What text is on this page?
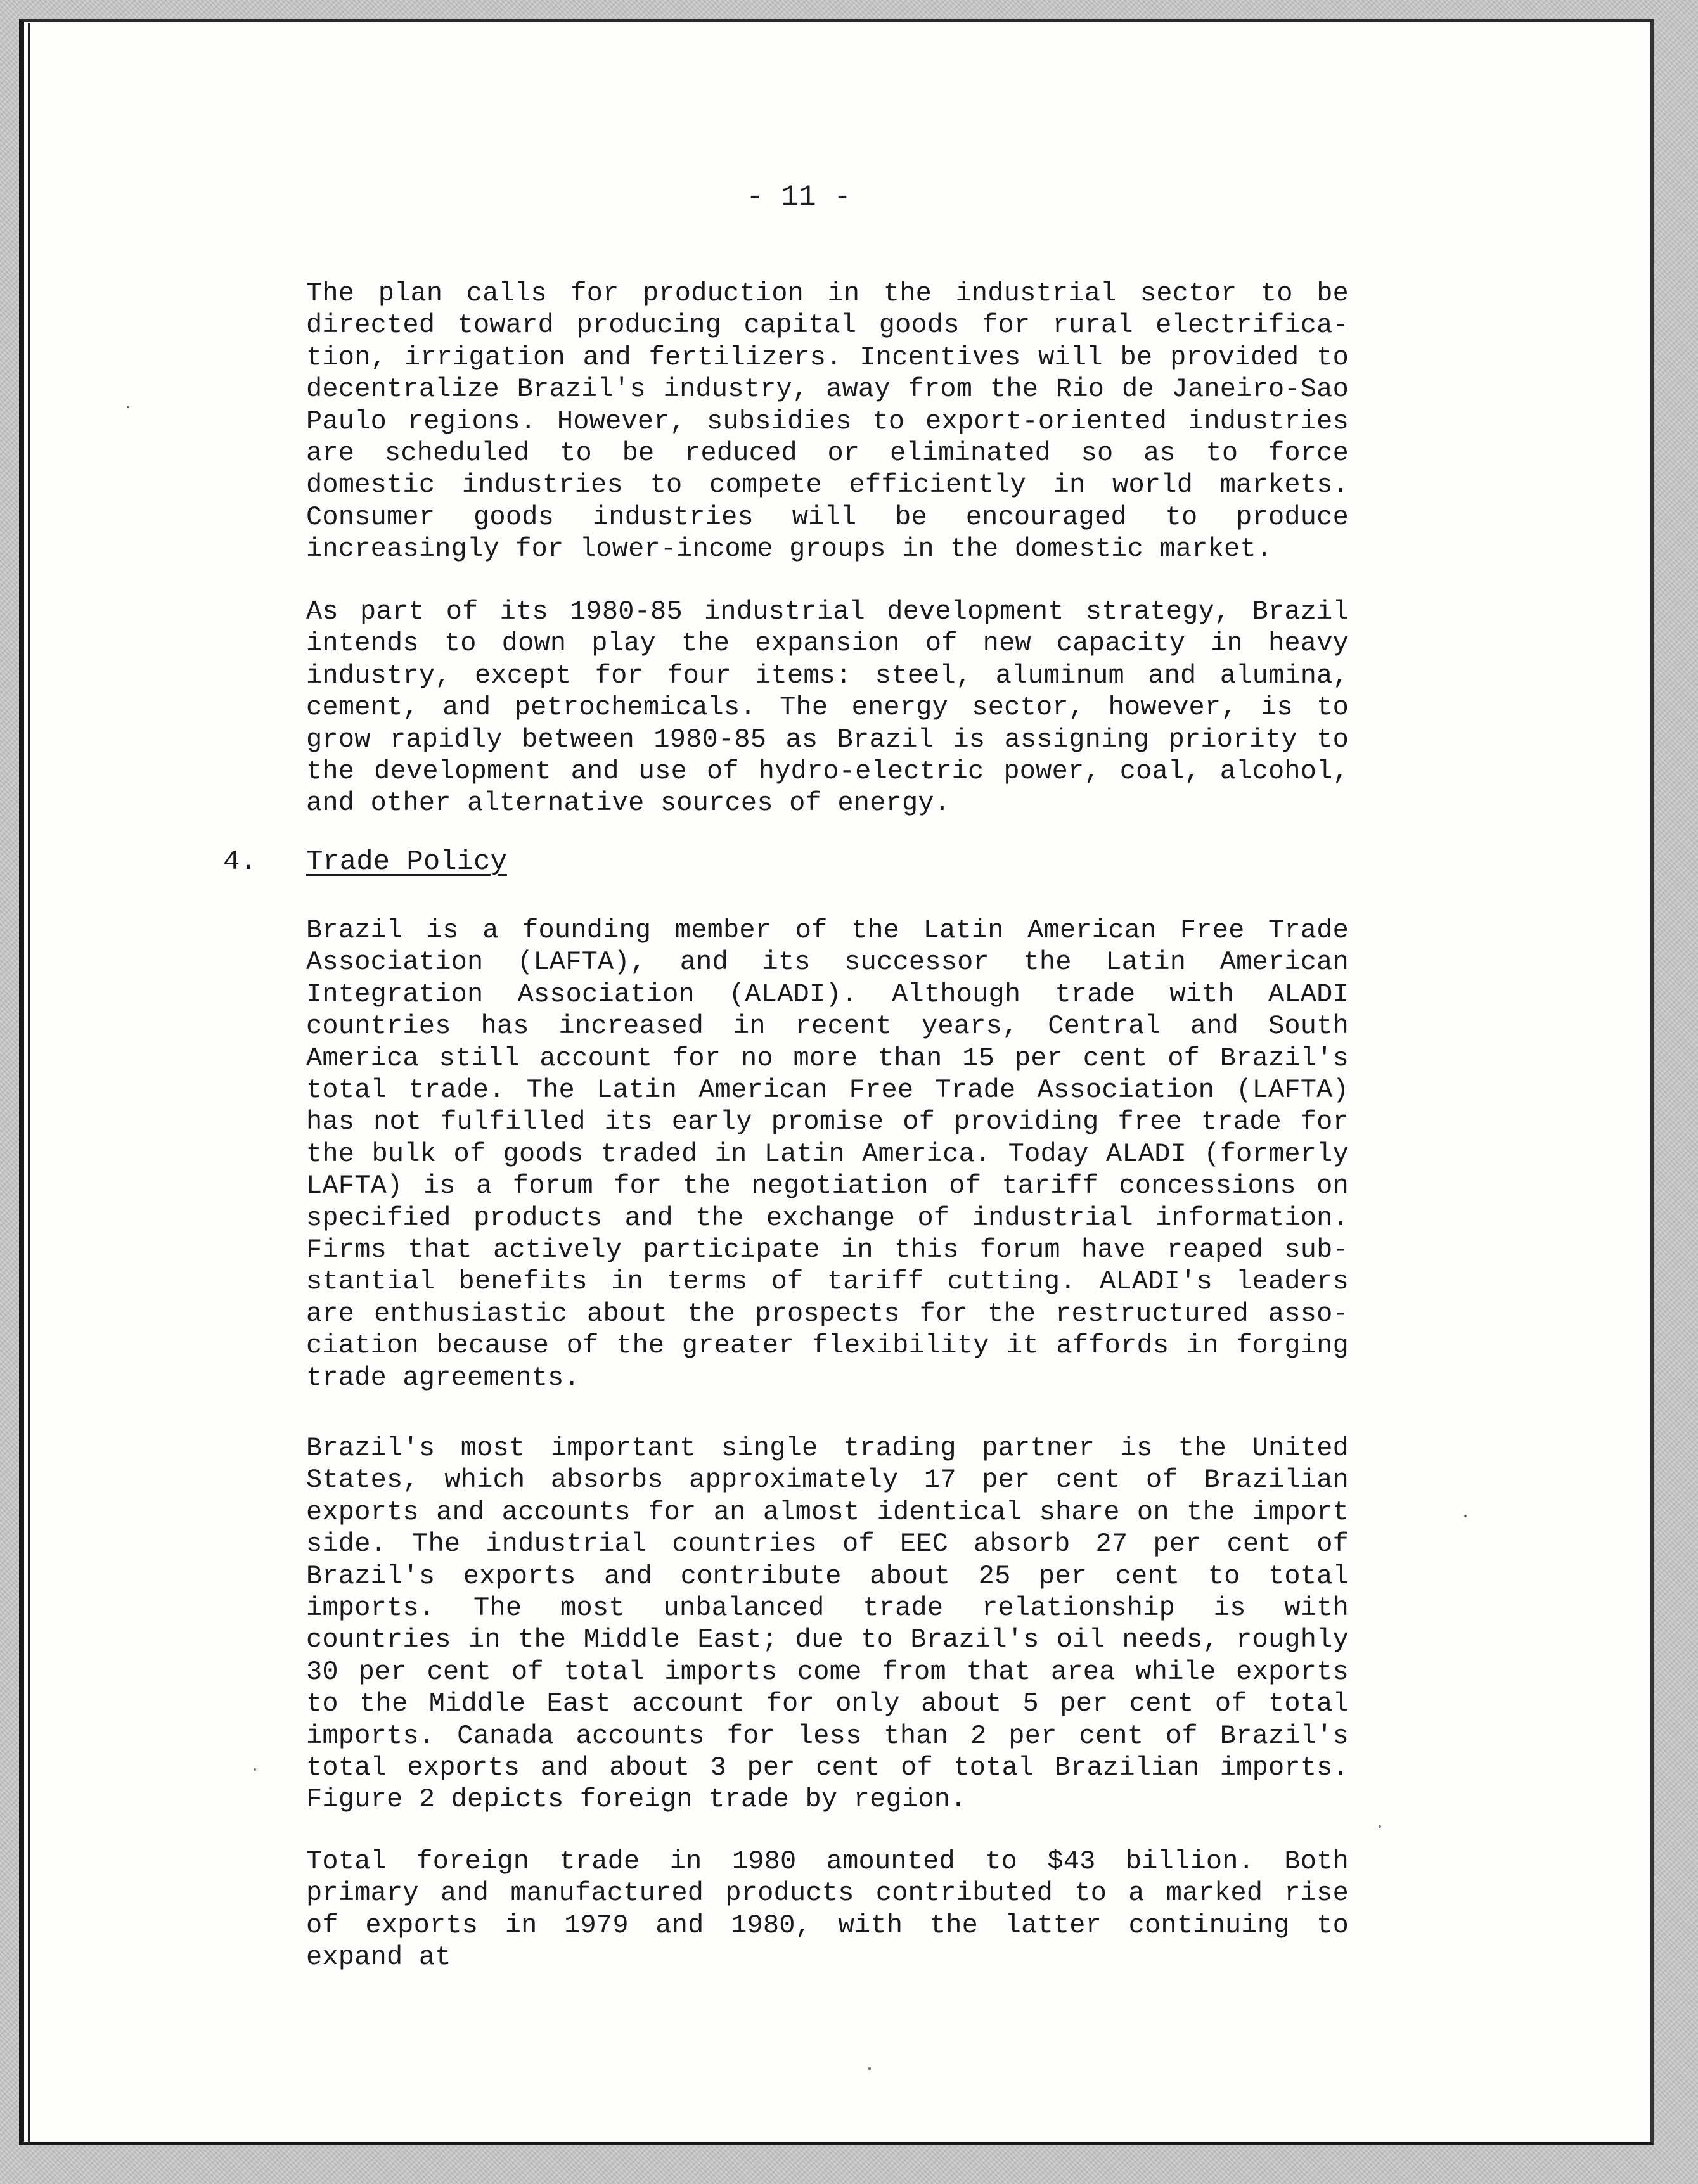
- 11 -
The plan calls for production in the industrial sector to be directed toward producing capital goods for rural electrifica- tion, irrigation and fertilizers. Incentives will be provided to decentralize Brazil's industry, away from the Rio de Janeiro-Sao Paulo regions. However, subsidies to export-oriented industries are scheduled to be reduced or eliminated so as to force domestic industries to compete efficiently in world markets. Consumer goods industries will be encouraged to produce increasingly for lower-income groups in the domestic market.
As part of its 1980-85 industrial development strategy, Brazil intends to down play the expansion of new capacity in heavy industry, except for four items: steel, aluminum and alumina, cement, and petrochemicals. The energy sector, however, is to grow rapidly between 1980-85 as Brazil is assigning priority to the development and use of hydro-electric power, coal, alcohol, and other alternative sources of energy.
4. Trade Policy
Brazil is a founding member of the Latin American Free Trade Association (LAFTA), and its successor the Latin American Integration Association (ALADI). Although trade with ALADI countries has increased in recent years, Central and South America still account for no more than 15 per cent of Brazil's total trade. The Latin American Free Trade Association (LAFTA) has not fulfilled its early promise of providing free trade for the bulk of goods traded in Latin America. Today ALADI (formerly LAFTA) is a forum for the negotiation of tariff concessions on specified products and the exchange of industrial information. Firms that actively participate in this forum have reaped sub- stantial benefits in terms of tariff cutting. ALADI's leaders are enthusiastic about the prospects for the restructured asso- ciation because of the greater flexibility it affords in forging trade agreements.
Brazil's most important single trading partner is the United States, which absorbs approximately 17 per cent of Brazilian exports and accounts for an almost identical share on the import side. The industrial countries of EEC absorb 27 per cent of Brazil's exports and contribute about 25 per cent to total imports. The most unbalanced trade relationship is with countries in the Middle East; due to Brazil's oil needs, roughly 30 per cent of total imports come from that area while exports to the Middle East account for only about 5 per cent of total imports. Canada accounts for less than 2 per cent of Brazil's total exports and about 3 per cent of total Brazilian imports. Figure 2 depicts foreign trade by region.
Total foreign trade in 1980 amounted to $43 billion. Both primary and manufactured products contributed to a marked rise of exports in 1979 and 1980, with the latter continuing to expand at
